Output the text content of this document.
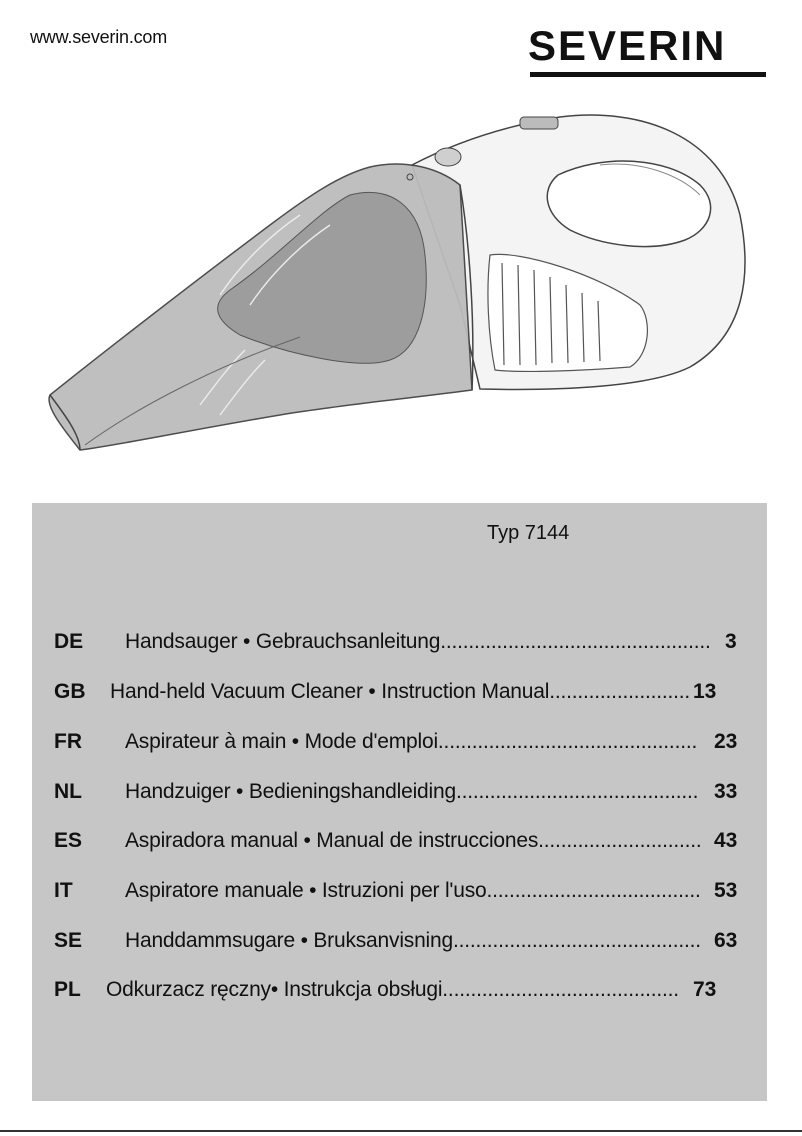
www.severin.com	SEVERIN
Typ 7144
DE Handsauger • Gebrauchsanleitung................................................ 3
GB Hand-held Vacuum Cleaner • Instruction Manual......................... 13
FR Aspirateur à main • Mode d'emploi.............................................. 23
NL Handzuiger • Bedieningshandleiding........................................... 33
ES Aspiradora manual • Manual de instrucciones............................. 43
IT Aspiratore manuale • Istruzioni per l'uso...................................... 53
SE Handdammsugare • Bruksanvisning............................................ 63
PL Odkurzacz ręczny• Instrukcja obsługi.......................................... 73
